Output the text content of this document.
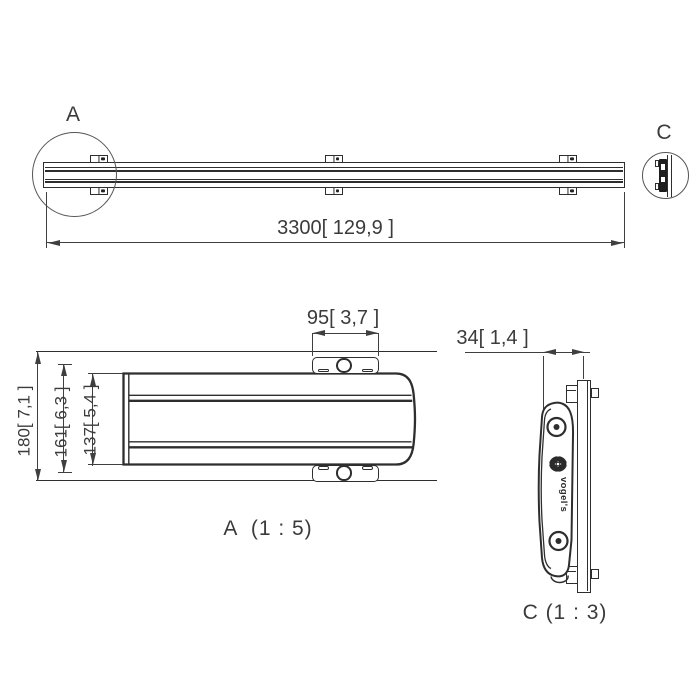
A
C
3300[ 129,9 ]
95[ 3,7 ]
180[ 7,1 ] 161[ 6,3 ] 137[ 5,4 ]
A  (1 : 5)
34[ 1,4 ]
vogel's
C (1 : 3)
